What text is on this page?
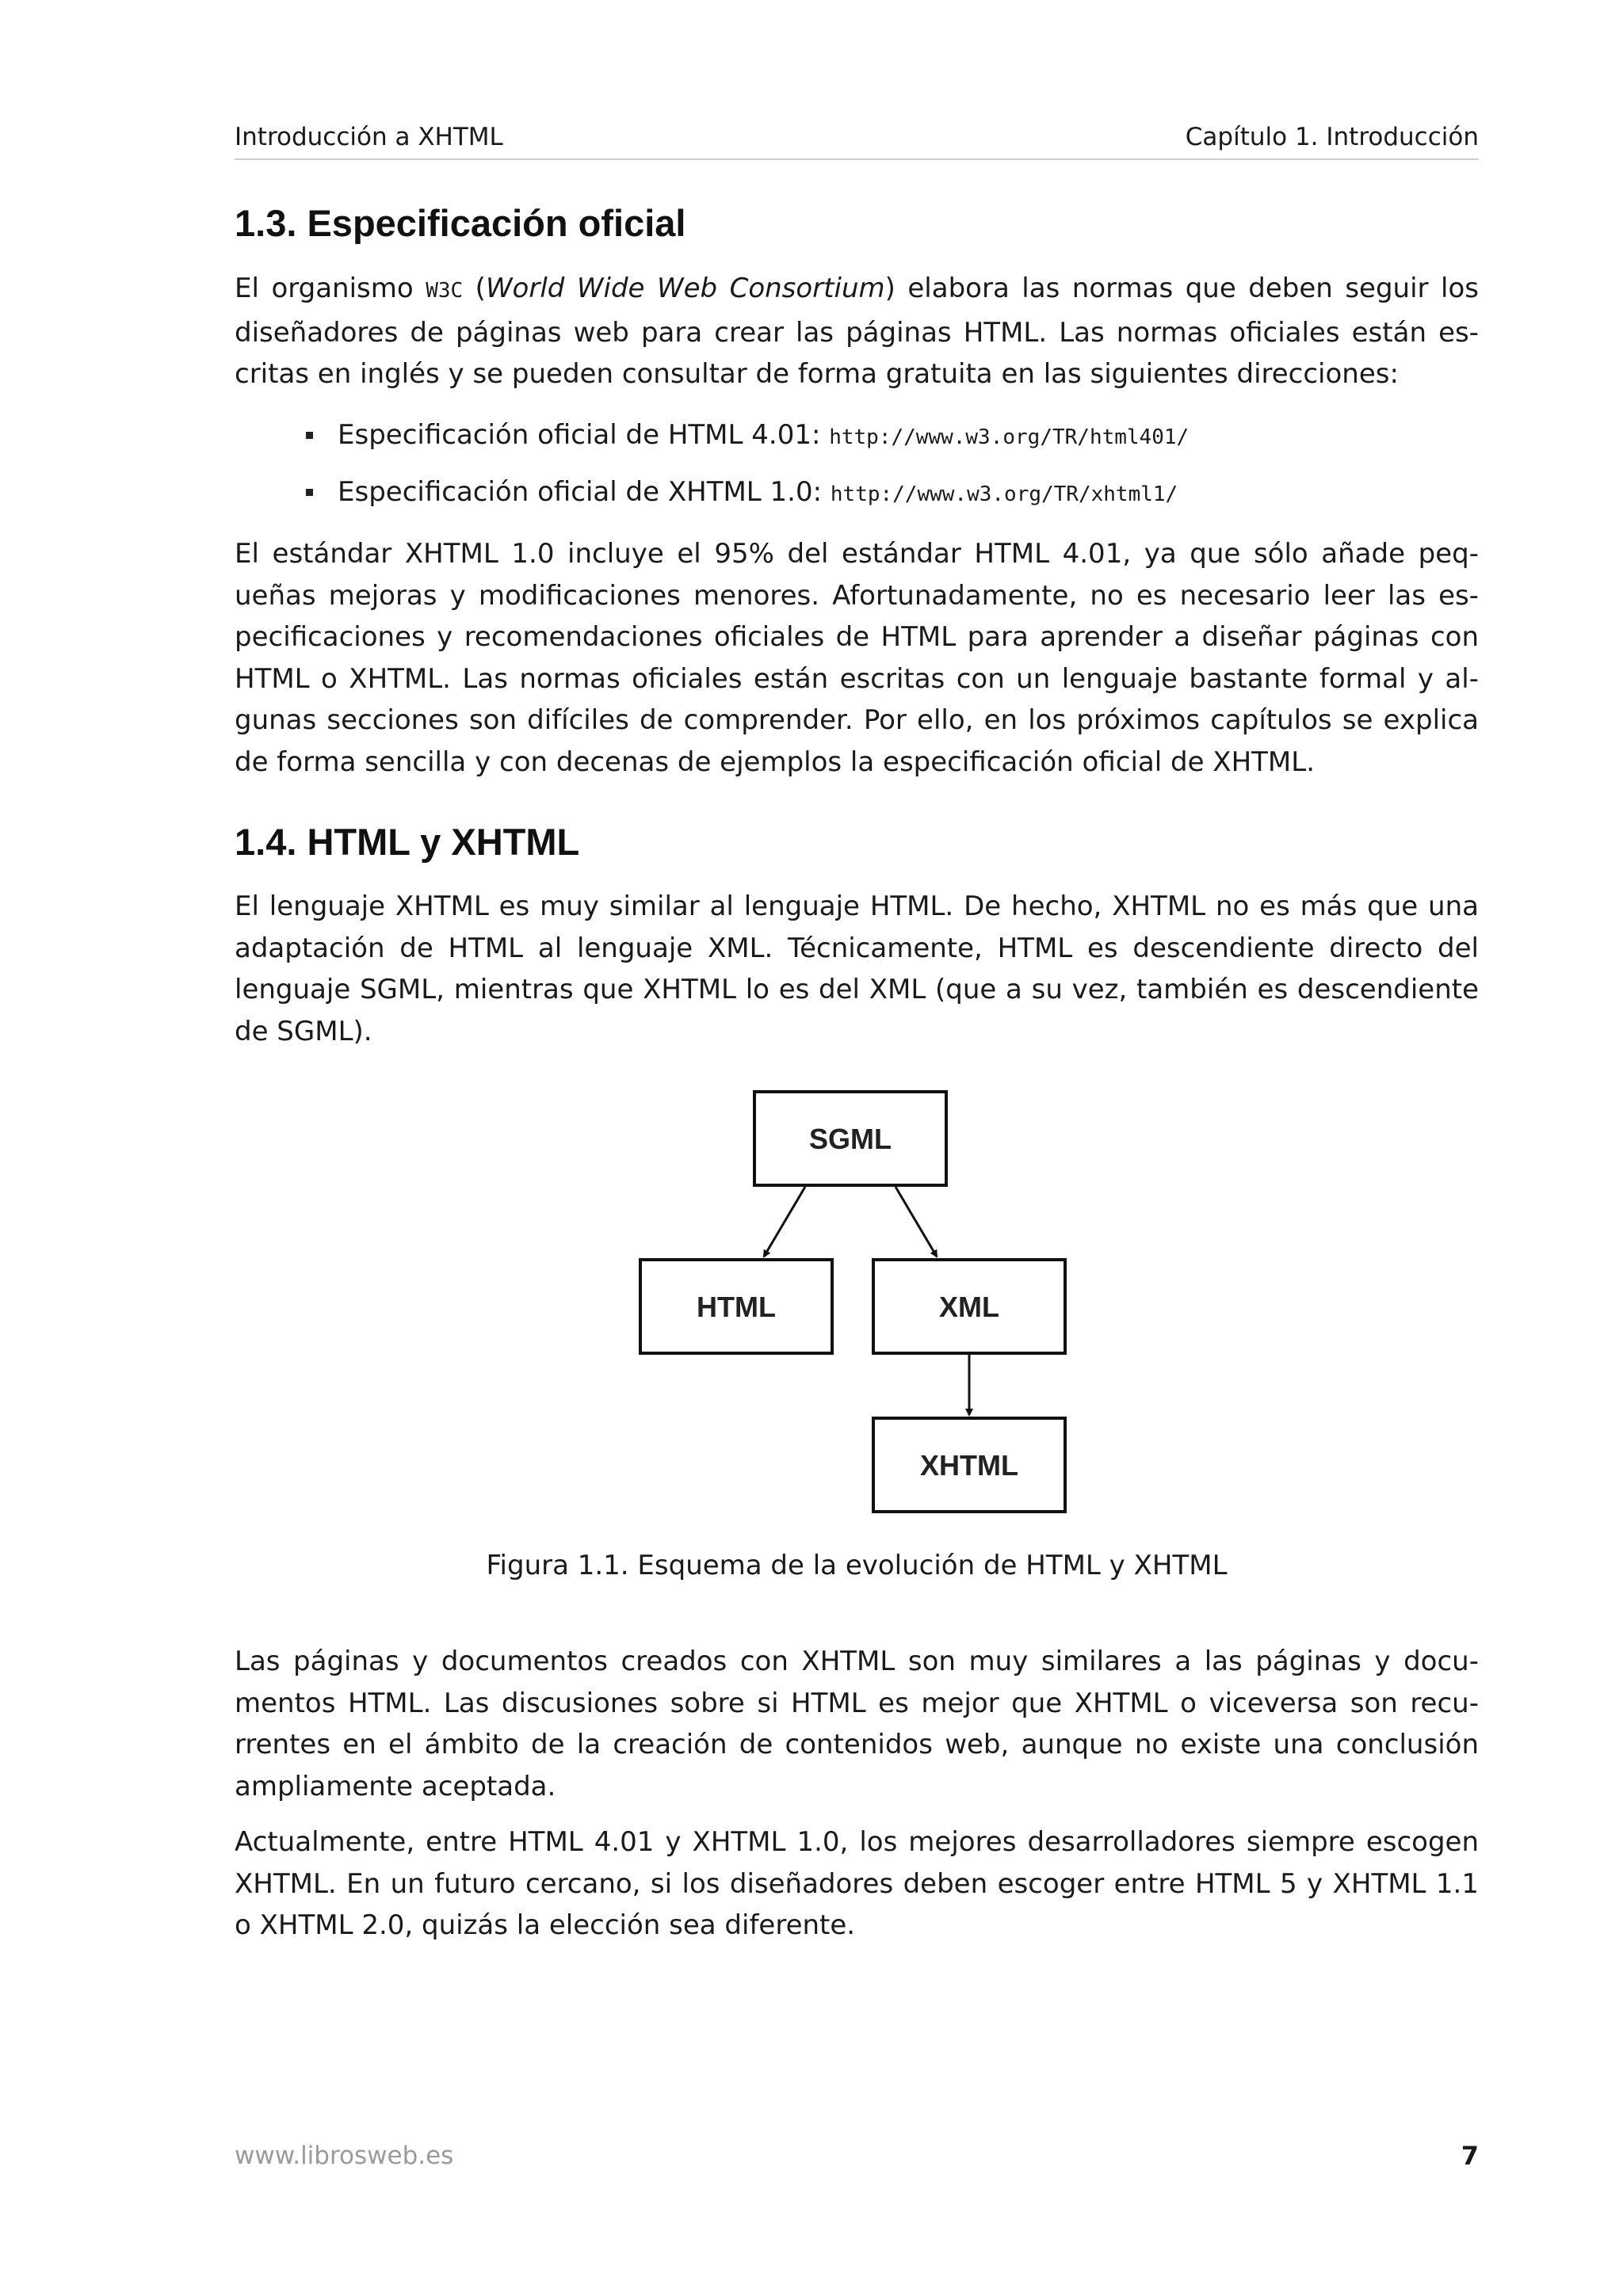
Introducción a XHTML	Capítulo 1. Introducción
1.3. Especificación oficial

El organismo W3C (World Wide Web Consortium) elabora las normas que deben seguir los diseñadores de páginas web para crear las páginas HTML. Las normas oficiales están escritas en inglés y se pueden consultar de forma gratuita en las siguientes direcciones:

Especificación oficial de HTML 4.01: http://www.w3.org/TR/html401/
Especificación oficial de XHTML 1.0: http://www.w3.org/TR/xhtml1/

El estándar XHTML 1.0 incluye el 95% del estándar HTML 4.01, ya que sólo añade pequeñas mejoras y modificaciones menores. Afortunadamente, no es necesario leer las especificaciones y recomendaciones oficiales de HTML para aprender a diseñar páginas con HTML o XHTML. Las normas oficiales están escritas con un lenguaje bastante formal y algunas secciones son difíciles de comprender. Por ello, en los próximos capítulos se explica de forma sencilla y con decenas de ejemplos la especificación oficial de XHTML.

1.4. HTML y XHTML

El lenguaje XHTML es muy similar al lenguaje HTML. De hecho, XHTML no es más que una adaptación de HTML al lenguaje XML. Técnicamente, HTML es descendiente directo del lenguaje SGML, mientras que XHTML lo es del XML (que a su vez, también es descendiente de SGML).

SGML
HTML	XML
XHTML
Figura 1.1. Esquema de la evolución de HTML y XHTML

Las páginas y documentos creados con XHTML son muy similares a las páginas y documentos HTML. Las discusiones sobre si HTML es mejor que XHTML o viceversa son recurrentes en el ámbito de la creación de contenidos web, aunque no existe una conclusión ampliamente aceptada.

Actualmente, entre HTML 4.01 y XHTML 1.0, los mejores desarrolladores siempre escogen XHTML. En un futuro cercano, si los diseñadores deben escoger entre HTML 5 y XHTML 1.1 o XHTML 2.0, quizás la elección sea diferente.

www.librosweb.es	7
